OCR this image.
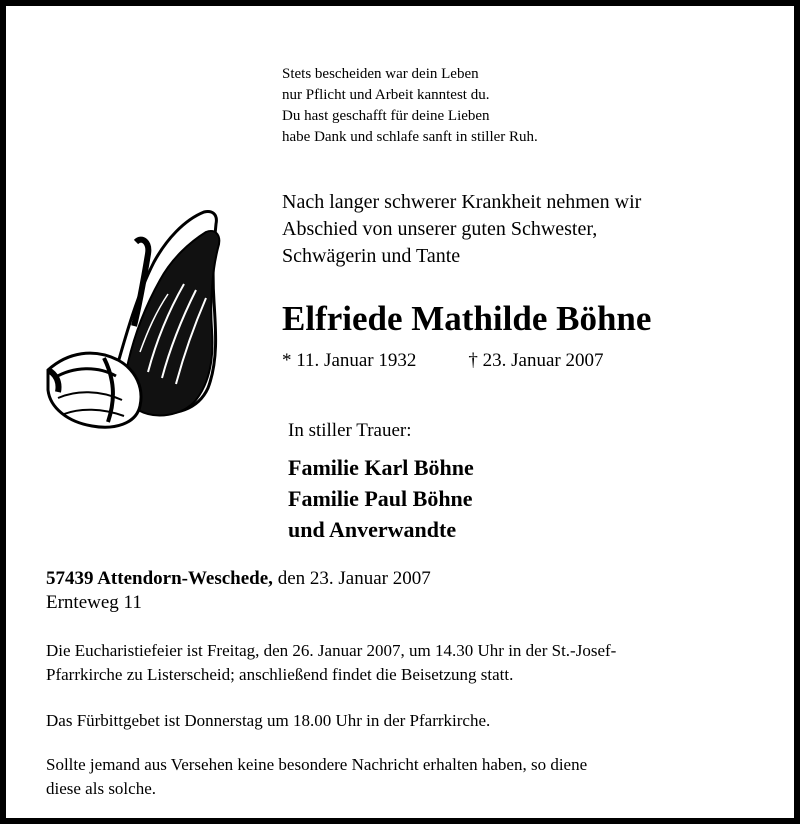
Stets bescheiden war dein Leben
nur Pflicht und Arbeit kanntest du.
Du hast geschafft für deine Lieben
habe Dank und schlafe sanft in stiller Ruh.
Nach langer schwerer Krankheit nehmen wir
Abschied von unserer guten Schwester,
Schwägerin und Tante
Elfriede Mathilde Böhne
* 11. Januar 1932	† 23. Januar 2007
In stiller Trauer:
Familie Karl Böhne
Familie Paul Böhne
und Anverwandte
57439 Attendorn-Weschede, den 23. Januar 2007
Ernteweg 11
Die Eucharistiefeier ist Freitag, den 26. Januar 2007, um 14.30 Uhr in der St.-Josef-
Pfarrkirche zu Listerscheid; anschließend findet die Beisetzung statt.
Das Fürbittgebet ist Donnerstag um 18.00 Uhr in der Pfarrkirche.
Sollte jemand aus Versehen keine besondere Nachricht erhalten haben, so diene
diese als solche.
